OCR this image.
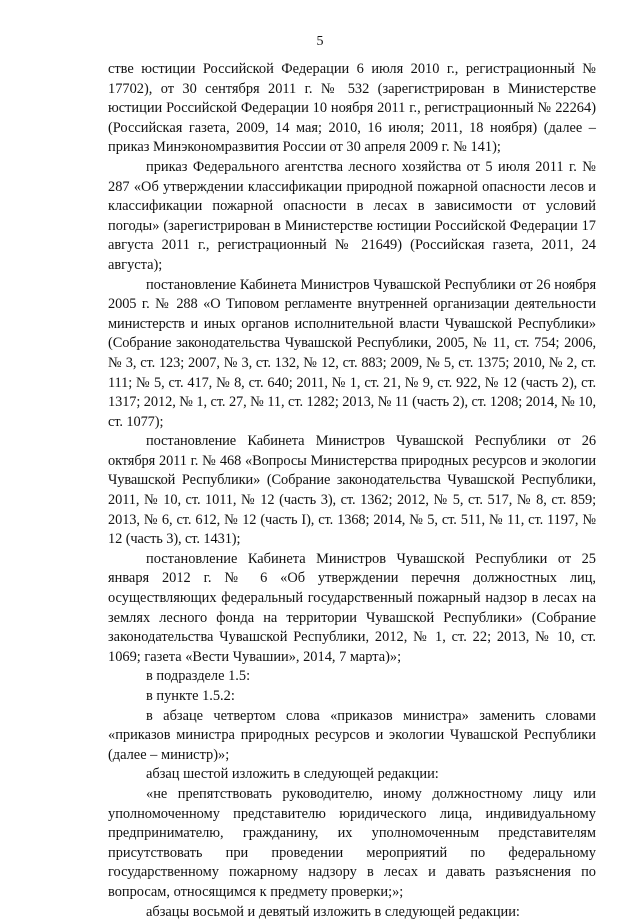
5

стве юстиции Российской Федерации 6 июля 2010 г., регистрационный № 17702), от 30 сентября 2011 г. № 532 (зарегистрирован в Министерстве юстиции Российской Федерации 10 ноября 2011 г., регистрационный № 22264) (Российская газета, 2009, 14 мая; 2010, 16 июля; 2011, 18 ноября) (далее – приказ Минэкономразвития России от 30 апреля 2009 г. № 141);

приказ Федерального агентства лесного хозяйства от 5 июля 2011 г. № 287 «Об утверждении классификации природной пожарной опасности лесов и классификации пожарной опасности в лесах в зависимости от условий погоды» (зарегистрирован в Министерстве юстиции Российской Федерации 17 августа 2011 г., регистрационный № 21649) (Российская газета, 2011, 24 августа);

постановление Кабинета Министров Чувашской Республики от 26 ноября 2005 г. № 288 «О Типовом регламенте внутренней организации деятельности министерств и иных органов исполнительной власти Чувашской Республики» (Собрание законодательства Чувашской Республики, 2005, № 11, ст. 754; 2006, № 3, ст. 123; 2007, № 3, ст. 132, № 12, ст. 883; 2009, № 5, ст. 1375; 2010, № 2, ст. 111; № 5, ст. 417, № 8, ст. 640; 2011, № 1, ст. 21, № 9, ст. 922, № 12 (часть 2), ст. 1317; 2012, № 1, ст. 27, № 11, ст. 1282; 2013, № 11 (часть 2), ст. 1208; 2014, № 10, ст. 1077);

постановление Кабинета Министров Чувашской Республики от 26 октября 2011 г. № 468 «Вопросы Министерства природных ресурсов и экологии Чувашской Республики» (Собрание законодательства Чувашской Республики, 2011, № 10, ст. 1011, № 12 (часть 3), ст. 1362; 2012, № 5, ст. 517, № 8, ст. 859; 2013, № 6, ст. 612, № 12 (часть I), ст. 1368; 2014, № 5, ст. 511, № 11, ст. 1197, № 12 (часть 3), ст. 1431);

постановление Кабинета Министров Чувашской Республики от 25 января 2012 г. № 6 «Об утверждении перечня должностных лиц, осуществляющих федеральный государственный пожарный надзор в лесах на землях лесного фонда на территории Чувашской Республики» (Собрание законодательства Чувашской Республики, 2012, № 1, ст. 22; 2013, № 10, ст. 1069; газета «Вести Чувашии», 2014, 7 марта)»;

в подразделе 1.5:

в пункте 1.5.2:

в абзаце четвертом слова «приказов министра» заменить словами «приказов министра природных ресурсов и экологии Чувашской Республики (далее – министр)»;

абзац шестой изложить в следующей редакции:

«не препятствовать руководителю, иному должностному лицу или уполномоченному представителю юридического лица, индивидуальному предпринимателю, гражданину, их уполномоченным представителям присутствовать при проведении мероприятий по федеральному государственному пожарному надзору в лесах и давать разъяснения по вопросам, относящимся к предмету проверки;»;

абзацы восьмой и девятый изложить в следующей редакции:
